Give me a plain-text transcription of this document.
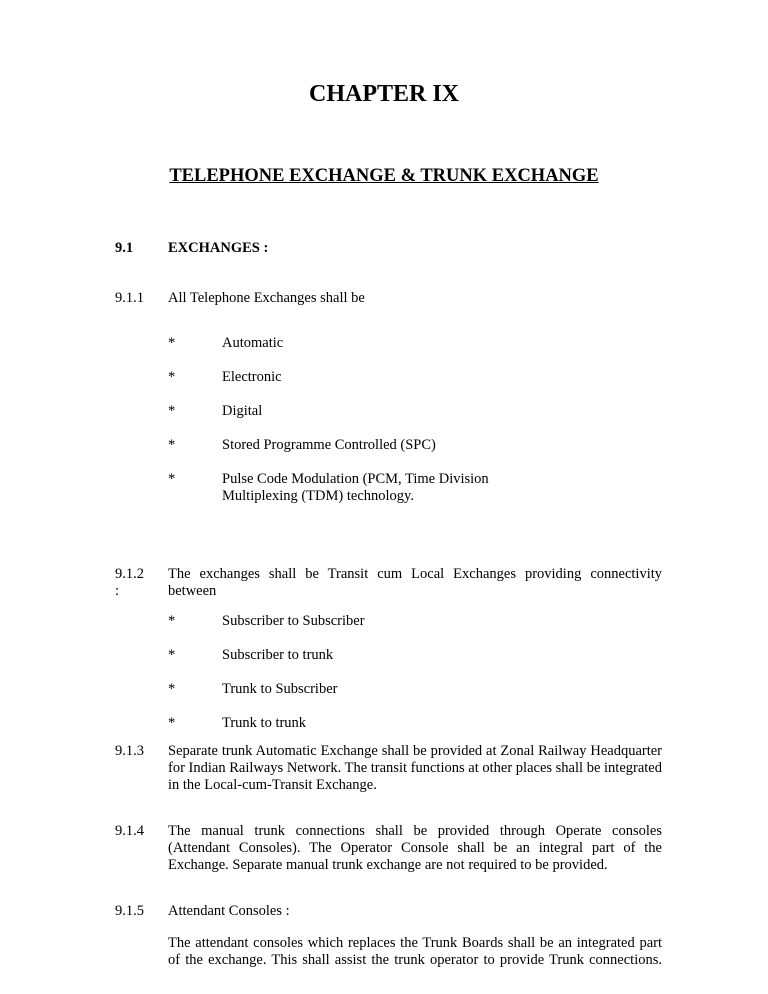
CHAPTER IX
TELEPHONE EXCHANGE & TRUNK EXCHANGE
9.1 EXCHANGES :
9.1.1 All Telephone Exchanges shall be
*	Automatic
*	Electronic
*	Digital
*	Stored Programme Controlled (SPC)
*	Pulse Code Modulation (PCM, Time Division Multiplexing (TDM) technology.
9.1.2
:
The exchanges shall be Transit cum Local Exchanges providing connectivity between
*	Subscriber to Subscriber
*	Subscriber to trunk
*	Trunk to Subscriber
*	Trunk to trunk
9.1.3 Separate trunk Automatic Exchange shall be provided at Zonal Railway Headquarter for Indian Railways Network. The transit functions at other places shall be integrated in the Local-cum-Transit Exchange.
9.1.4 The manual trunk connections shall be provided through Operate consoles (Attendant Consoles). The Operator Console shall be an integral part of the Exchange. Separate manual trunk exchange are not required to be provided.
9.1.5 Attendant Consoles :
The attendant consoles which replaces the Trunk Boards shall be an integrated part of the exchange. This shall assist the trunk operator to provide Trunk connections.
